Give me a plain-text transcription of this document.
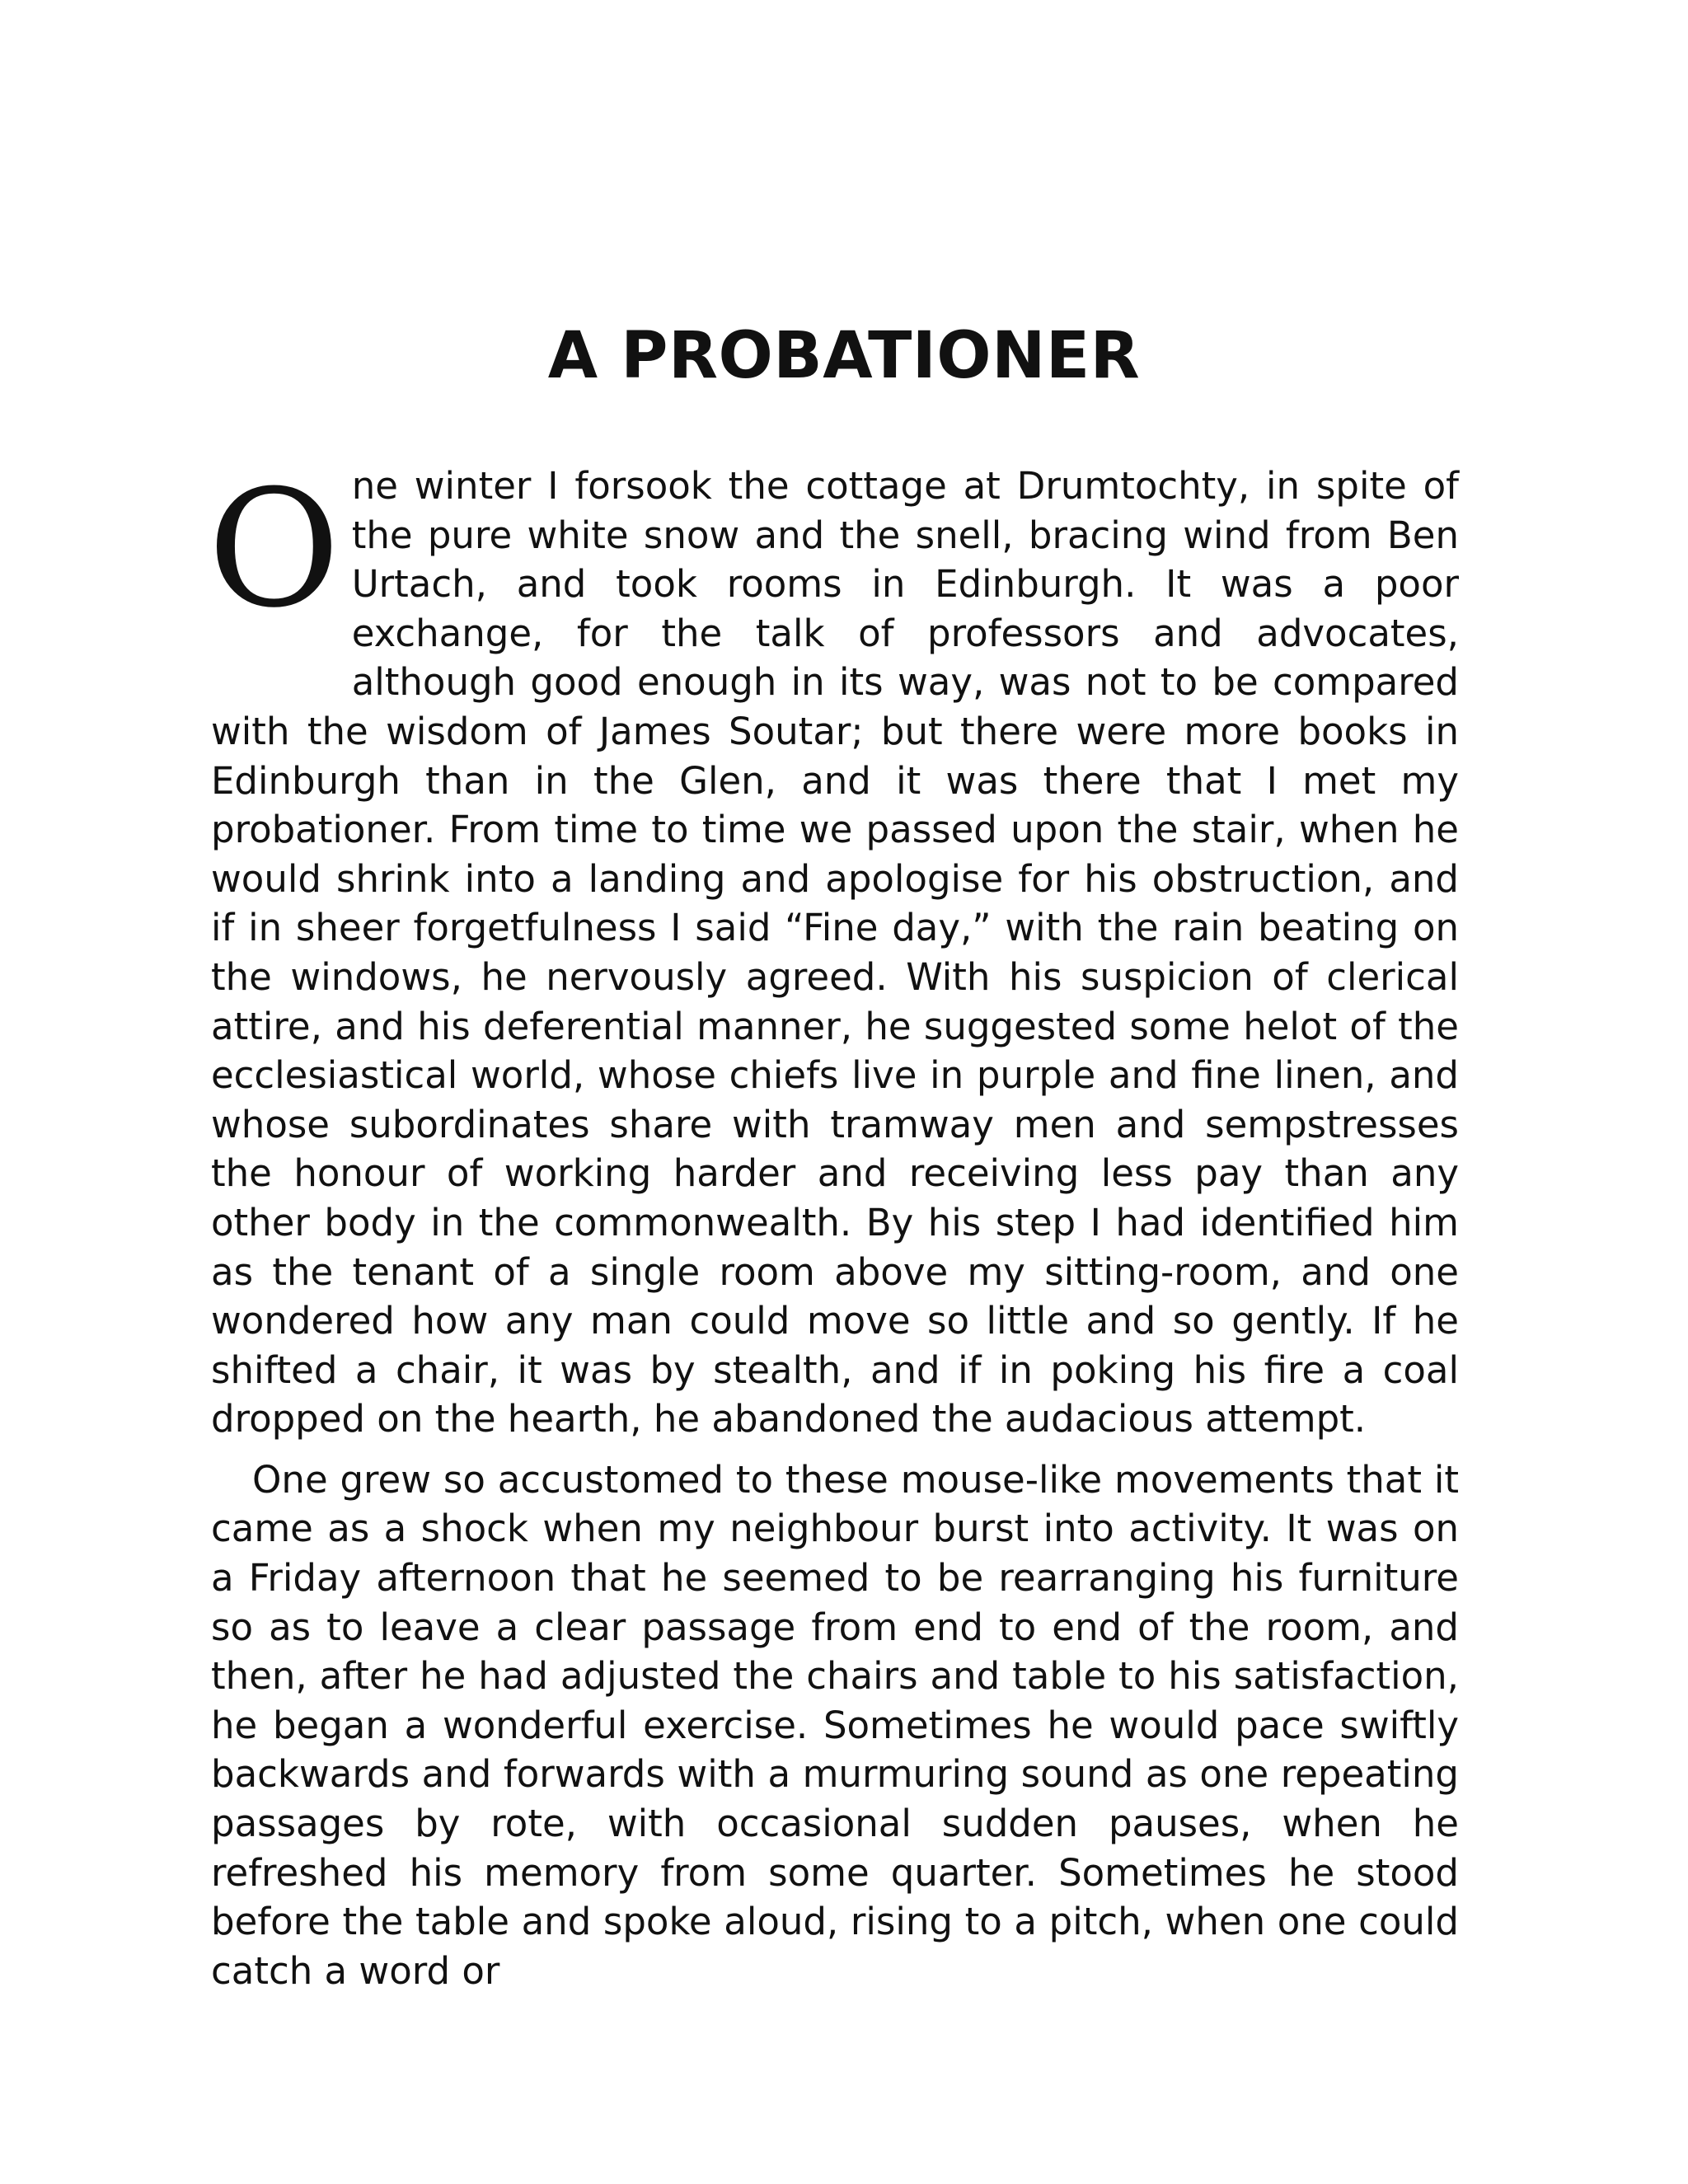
A PROBATIONER

One winter I forsook the cottage at Drumtochty, in spite of the pure white snow and the snell, bracing wind from Ben Urtach, and took rooms in Edinburgh. It was a poor exchange, for the talk of professors and advocates, although good enough in its way, was not to be compared with the wisdom of James Soutar; but there were more books in Edinburgh than in the Glen, and it was there that I met my probationer. From time to time we passed upon the stair, when he would shrink into a landing and apologise for his obstruction, and if in sheer forgetfulness I said “Fine day,” with the rain beating on the windows, he nervously agreed. With his suspicion of clerical attire, and his deferential manner, he suggested some helot of the ecclesiastical world, whose chiefs live in purple and fine linen, and whose subordinates share with tramway men and sempstresses the honour of working harder and receiving less pay than any other body in the commonwealth. By his step I had identified him as the tenant of a single room above my sitting-room, and one wondered how any man could move so little and so gently. If he shifted a chair, it was by stealth, and if in poking his fire a coal dropped on the hearth, he abandoned the audacious attempt.

One grew so accustomed to these mouse-like movements that it came as a shock when my neighbour burst into activity. It was on a Friday afternoon that he seemed to be rearranging his furniture so as to leave a clear passage from end to end of the room, and then, after he had adjusted the chairs and table to his satisfaction, he began a wonderful exercise. Sometimes he would pace swiftly backwards and forwards with a murmuring sound as one repeating passages by rote, with occasional sudden pauses, when he refreshed his memory from some quarter. Sometimes he stood before the table and spoke aloud, rising to a pitch, when one could catch a word or
